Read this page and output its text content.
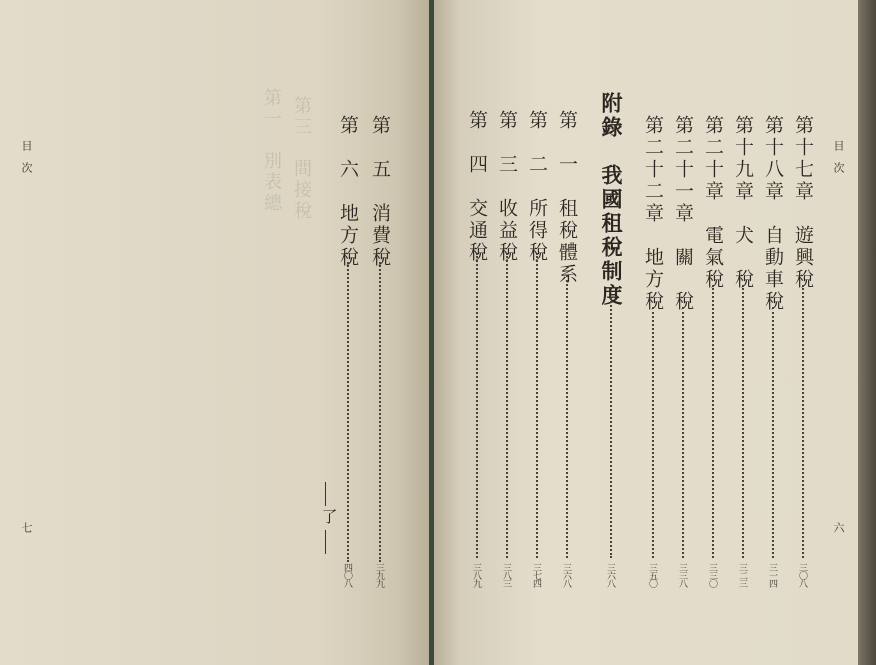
目　次
七
第一　別表總 第三　間接稅	第　五　消費稅
三九九
第　六　地方稅
四〇八
了
目　次
六
第十七章　遊興稅
三〇八
第十八章　自動車稅
三一四
第十九章　犬　稅
三二三
第二十章　電氣稅
三三〇
第二十一章　關　稅
三三八
第二十二章　地方稅
三五〇
附錄　我國租稅制度
三六八
第　一　租稅體系
三六八
第　二　所得稅
三七四
第　三　收益稅
三八三
第　四　交通稅
三八九
